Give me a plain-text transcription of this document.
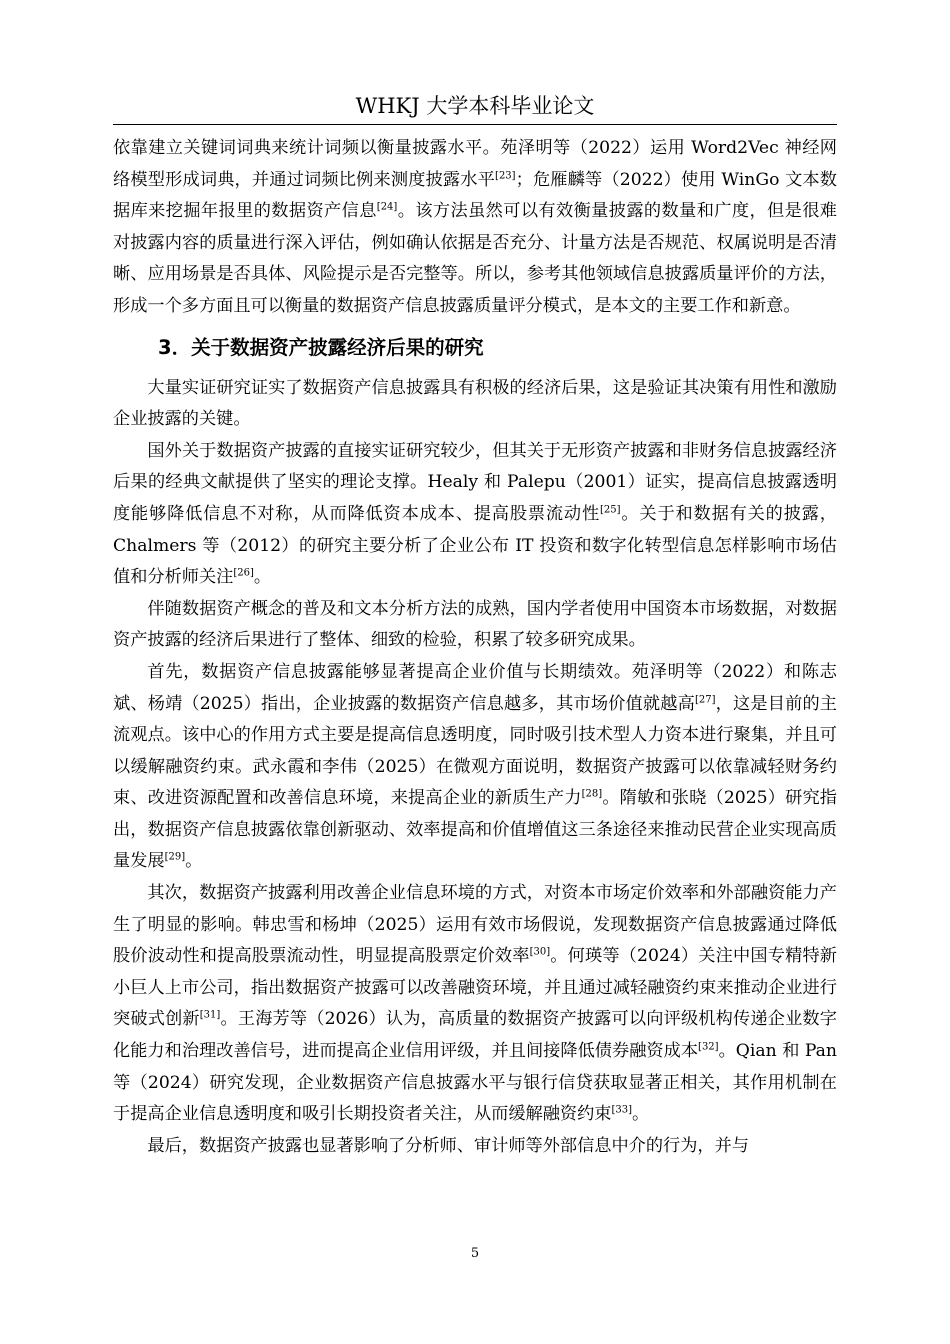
WHKJ 大学本科毕业论文

依靠建立关键词词典来统计词频以衡量披露水平。苑泽明等（2022）运用 Word2Vec 神经网络模型形成词典，并通过词频比例来测度披露水平[23]；危雁麟等（2022）使用 WinGo 文本数据库来挖掘年报里的数据资产信息[24]。该方法虽然可以有效衡量披露的数量和广度，但是很难对披露内容的质量进行深入评估，例如确认依据是否充分、计量方法是否规范、权属说明是否清晰、应用场景是否具体、风险提示是否完整等。所以，参考其他领域信息披露质量评价的方法，形成一个多方面且可以衡量的数据资产信息披露质量评分模式，是本文的主要工作和新意。

3．关于数据资产披露经济后果的研究

大量实证研究证实了数据资产信息披露具有积极的经济后果，这是验证其决策有用性和激励企业披露的关键。

国外关于数据资产披露的直接实证研究较少，但其关于无形资产披露和非财务信息披露经济后果的经典文献提供了坚实的理论支撑。Healy 和 Palepu（2001）证实，提高信息披露透明度能够降低信息不对称，从而降低资本成本、提高股票流动性[25]。关于和数据有关的披露，Chalmers 等（2012）的研究主要分析了企业公布 IT 投资和数字化转型信息怎样影响市场估值和分析师关注[26]。

伴随数据资产概念的普及和文本分析方法的成熟，国内学者使用中国资本市场数据，对数据资产披露的经济后果进行了整体、细致的检验，积累了较多研究成果。

首先，数据资产信息披露能够显著提高企业价值与长期绩效。苑泽明等（2022）和陈志斌、杨靖（2025）指出，企业披露的数据资产信息越多，其市场价值就越高[27]，这是目前的主流观点。该中心的作用方式主要是提高信息透明度，同时吸引技术型人力资本进行聚集，并且可以缓解融资约束。武永霞和李伟（2025）在微观方面说明，数据资产披露可以依靠减轻财务约束、改进资源配置和改善信息环境，来提高企业的新质生产力[28]。隋敏和张晓（2025）研究指出，数据资产信息披露依靠创新驱动、效率提高和价值增值这三条途径来推动民营企业实现高质量发展[29]。

其次，数据资产披露利用改善企业信息环境的方式，对资本市场定价效率和外部融资能力产生了明显的影响。韩忠雪和杨坤（2025）运用有效市场假说，发现数据资产信息披露通过降低股价波动性和提高股票流动性，明显提高股票定价效率[30]。何瑛等（2024）关注中国专精特新小巨人上市公司，指出数据资产披露可以改善融资环境，并且通过减轻融资约束来推动企业进行突破式创新[31]。王海芳等（2026）认为，高质量的数据资产披露可以向评级机构传递企业数字化能力和治理改善信号，进而提高企业信用评级，并且间接降低债券融资成本[32]。Qian 和 Pan 等（2024）研究发现，企业数据资产信息披露水平与银行信贷获取显著正相关，其作用机制在于提高企业信息透明度和吸引长期投资者关注，从而缓解融资约束[33]。

最后，数据资产披露也显著影响了分析师、审计师等外部信息中介的行为，并与

5
